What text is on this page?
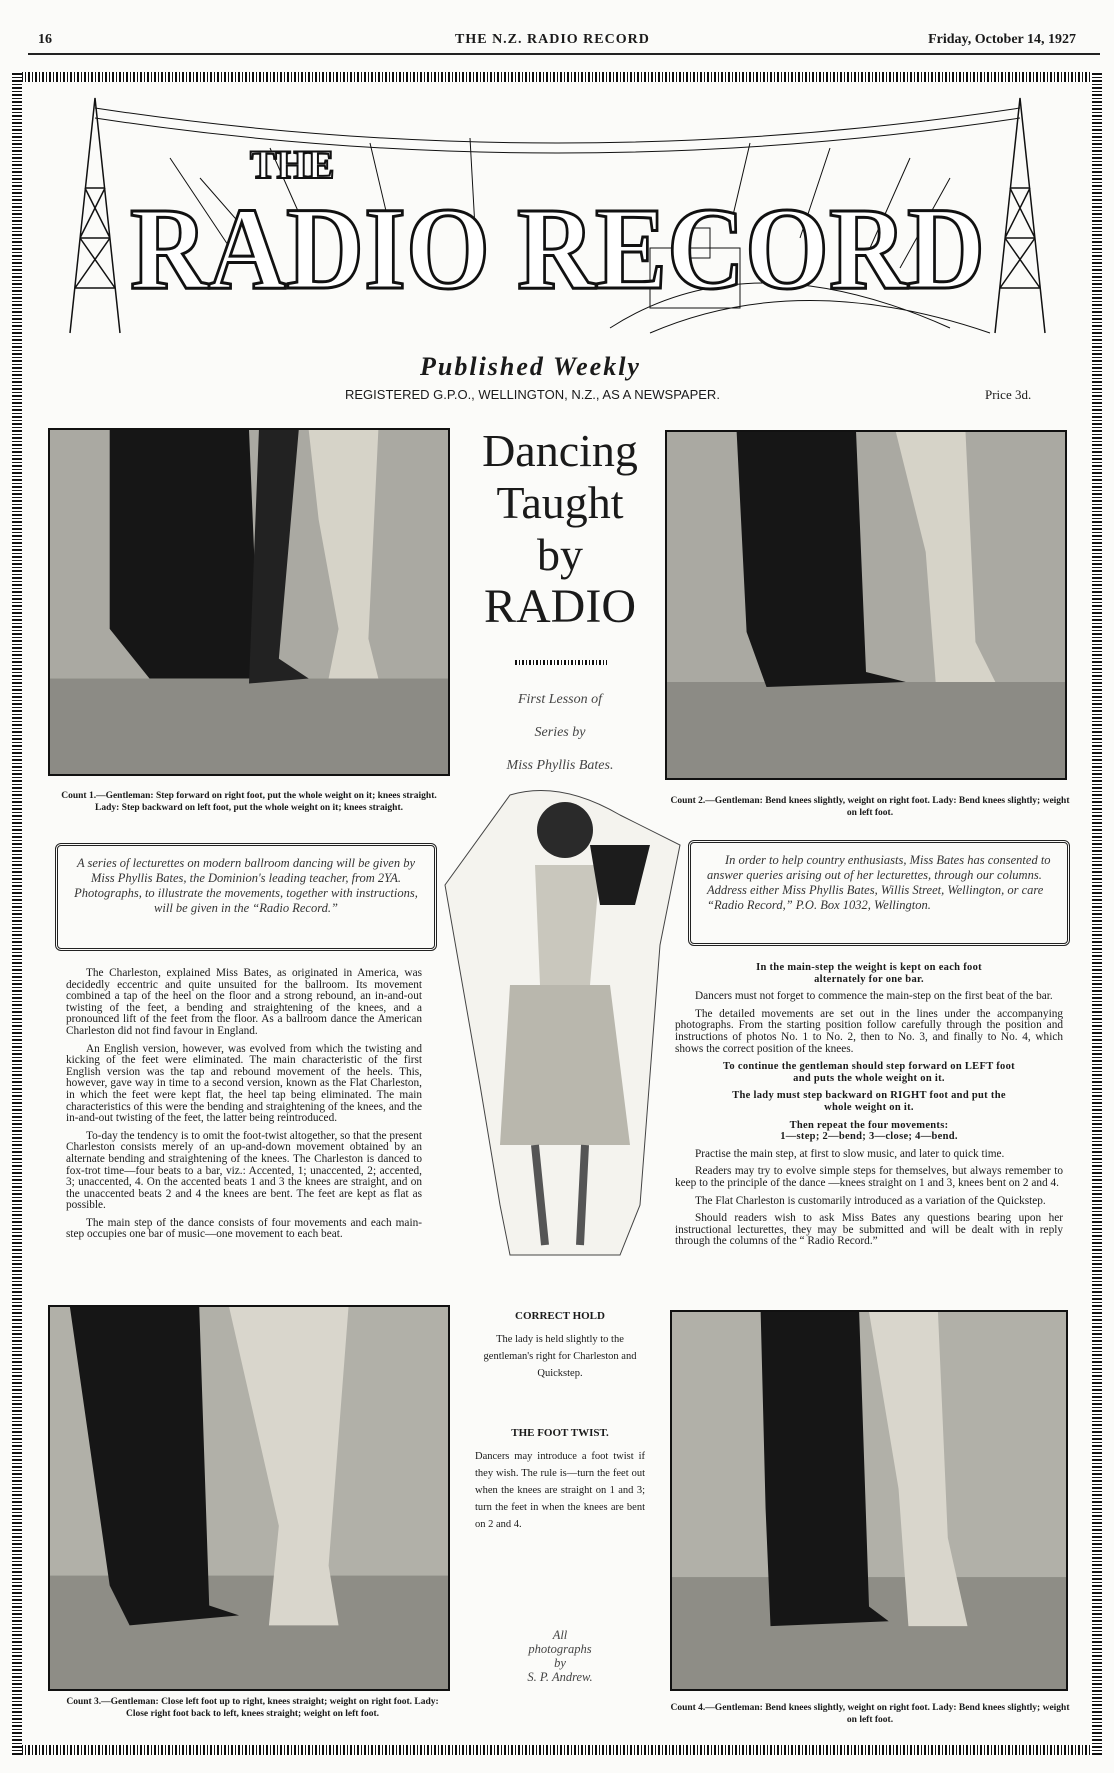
16	THE N.Z. RADIO RECORD	Friday, October 14, 1927
THE
RADIO RECORD
Published Weekly
REGISTERED G.P.O., WELLINGTON, N.Z., AS A NEWSPAPER.	Price 3d.
Dancing
Taught
by
RADIO
First Lesson of
Series by
Miss Phyllis Bates.
Count 1.—Gentleman: Step forward on right foot, put the whole weight on it; knees straight. Lady: Step backward on left foot, put the whole weight on it; knees straight.
Count 2.—Gentleman: Bend knees slightly, weight on right foot. Lady: Bend knees slightly; weight on left foot.
Count 3.—Gentleman: Close left foot up to right, knees straight; weight on right foot. Lady: Close right foot back to left, knees straight; weight on left foot.
Count 4.—Gentleman: Bend knees slightly, weight on right foot. Lady: Bend knees slightly; weight on left foot.
A series of lecturettes on modern ballroom dancing will be given by Miss Phyllis Bates, the Dominion's leading teacher, from 2YA. Photographs, to illustrate the movements, together with instructions, will be given in the “Radio Record.”
In order to help country enthusiasts, Miss Bates has consented to answer queries arising out of her lecturettes, through our columns. Address either Miss Phyllis Bates, Willis Street, Wellington, or care “Radio Record,” P.O. Box 1032, Wellington.

The Charleston, explained Miss Bates, as originated in America, was decidedly eccentric and quite unsuited for the ballroom. Its movement combined a tap of the heel on the floor and a strong rebound, an in-and-out twisting of the feet, a bending and straightening of the knees, and a pronounced lift of the feet from the floor. As a ballroom dance the American Charleston did not find favour in England.

An English version, however, was evolved from which the twisting and kicking of the feet were eliminated. The main characteristic of the first English version was the tap and rebound movement of the heels. This, however, gave way in time to a second version, known as the Flat Charleston, in which the feet were kept flat, the heel tap being eliminated. The main characteristics of this were the bending and straightening of the knees, and the in-and-out twisting of the feet, the latter being reintroduced.

To-day the tendency is to omit the foot-twist altogether, so that the present Charleston consists merely of an up-and-down movement obtained by an alternate bending and straightening of the knees. The Charleston is danced to fox-trot time—four beats to a bar, viz.: Accented, 1; unaccented, 2; accented, 3; unaccented, 4. On the accented beats 1 and 3 the knees are straight, and on the unaccented beats 2 and 4 the knees are bent. The feet are kept as flat as possible.

The main step of the dance consists of four movements and each main-step occupies one bar of music—one movement to each beat.

In the main-step the weight is kept on each foot alternately for one bar.

Dancers must not forget to commence the main-step on the first beat of the bar.

The detailed movements are set out in the lines under the accompanying photographs. From the starting position follow carefully through the position and instructions of photos No. 1 to No. 2, then to No. 3, and finally to No. 4, which shows the correct position of the knees.

To continue the gentleman should step forward on LEFT foot and puts the whole weight on it.

The lady must step backward on RIGHT foot and put the whole weight on it.

Then repeat the four movements:

1—step; 2—bend; 3—close; 4—bend.

Practise the main step, at first to slow music, and later to quick time.

Readers may try to evolve simple steps for themselves, but always remember to keep to the principle of the dance —knees straight on 1 and 3, knees bent on 2 and 4.

The Flat Charleston is customarily introduced as a variation of the Quickstep.

Should readers wish to ask Miss Bates any questions bearing upon her instructional lecturettes, they may be submitted and will be dealt with in reply through the columns of the “ Radio Record.”

CORRECT HOLD
The lady is held slightly to the gentleman's right for Charleston and Quickstep.
THE FOOT TWIST.
Dancers may introduce a foot twist if they wish. The rule is—turn the feet out when the knees are straight on 1 and 3; turn the feet in when the knees are bent on 2 and 4.
All
photographs
by
S. P. Andrew.
